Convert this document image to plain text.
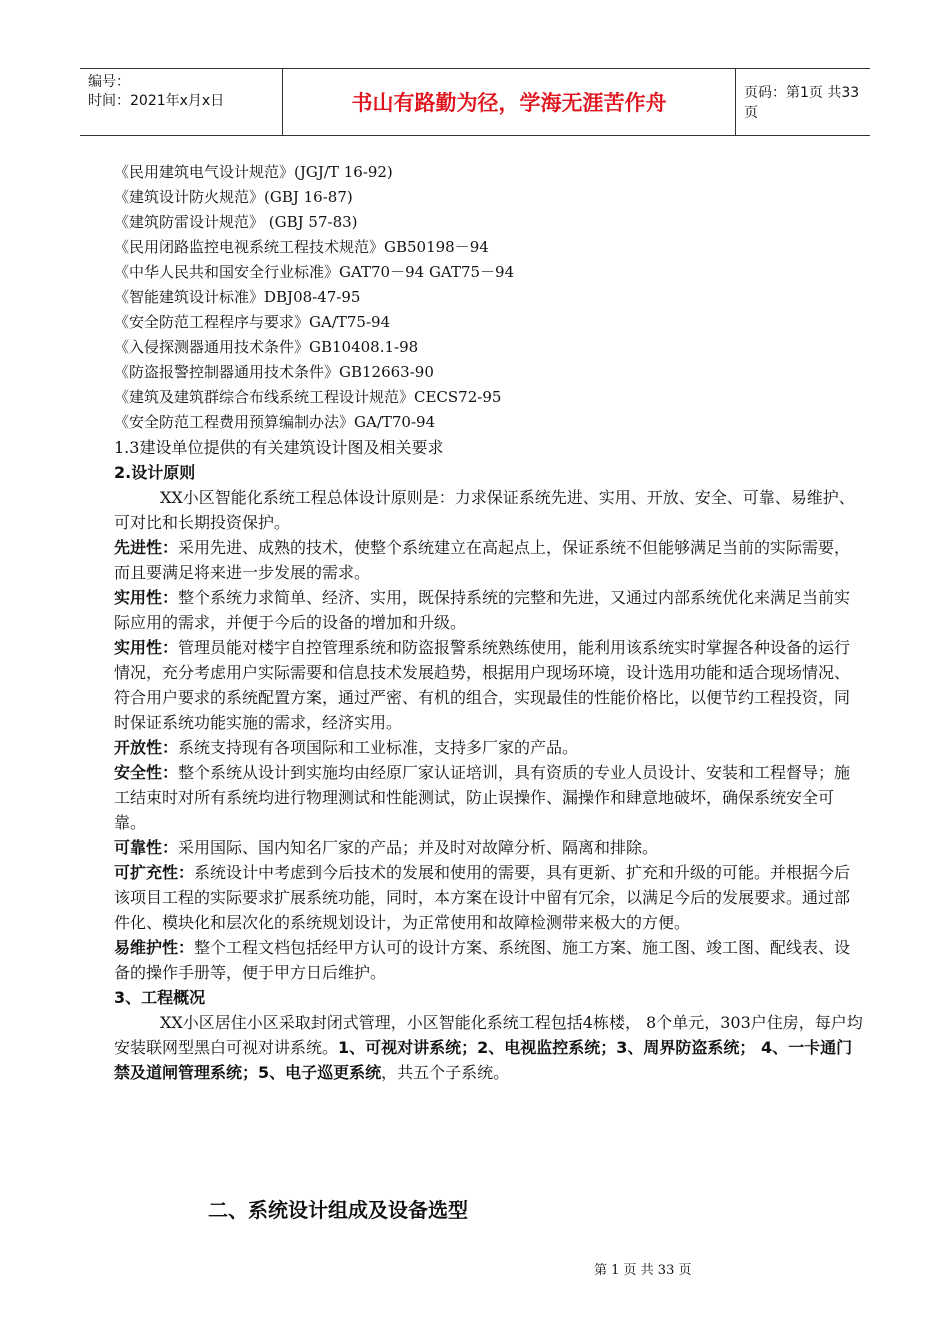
编号：
时间：2021年x月x日	书山有路勤为径，学海无涯苦作舟	页码：第1页 共33页
《民用建筑电气设计规范》(JGJ/T 16-92)
《建筑设计防火规范》(GBJ 16-87)
《建筑防雷设计规范》 (GBJ 57-83)
《民用闭路监控电视系统工程技术规范》GB50198－94
《中华人民共和国安全行业标准》GAT70－94 GAT75－94
《智能建筑设计标准》DBJ08-47-95
《安全防范工程程序与要求》GA/T75-94
《入侵探测器通用技术条件》GB10408.1-98
《防盗报警控制器通用技术条件》GB12663-90
《建筑及建筑群综合布线系统工程设计规范》CECS72-95
《安全防范工程费用预算编制办法》GA/T70-94
1.3建设单位提供的有关建筑设计图及相关要求
2.设计原则

XX小区智能化系统工程总体设计原则是：力求保证系统先进、实用、开放、安全、可靠、易维护、可对比和长期投资保护。

先进性：采用先进、成熟的技术，使整个系统建立在高起点上，保证系统不但能够满足当前的实际需要，而且要满足将来进一步发展的需求。

实用性：整个系统力求简单、经济、实用，既保持系统的完整和先进，又通过内部系统优化来满足当前实际应用的需求，并便于今后的设备的增加和升级。

实用性：管理员能对楼宇自控管理系统和防盗报警系统熟练使用，能利用该系统实时掌握各种设备的运行情况，充分考虑用户实际需要和信息技术发展趋势，根据用户现场环境，设计选用功能和适合现场情况、符合用户要求的系统配置方案，通过严密、有机的组合，实现最佳的性能价格比，以便节约工程投资，同时保证系统功能实施的需求，经济实用。

开放性：系统支持现有各项国际和工业标准，支持多厂家的产品。

安全性：整个系统从设计到实施均由经原厂家认证培训，具有资质的专业人员设计、安装和工程督导；施工结束时对所有系统均进行物理测试和性能测试，防止误操作、漏操作和肆意地破坏，确保系统安全可靠。

可靠性：采用国际、国内知名厂家的产品；并及时对故障分析、隔离和排除。

可扩充性：系统设计中考虑到今后技术的发展和使用的需要，具有更新、扩充和升级的可能。并根据今后该项目工程的实际要求扩展系统功能，同时，本方案在设计中留有冗余，以满足今后的发展要求。通过部件化、模块化和层次化的系统规划设计，为正常使用和故障检测带来极大的方便。

易维护性：整个工程文档包括经甲方认可的设计方案、系统图、施工方案、施工图、竣工图、配线表、设备的操作手册等，便于甲方日后维护。

3、工程概况

XX小区居住小区采取封闭式管理，小区智能化系统工程包括4栋楼， 8个单元，303户住房，每户均安装联网型黑白可视对讲系统。1、可视对讲系统；2、电视监控系统；3、周界防盗系统； 4、一卡通门禁及道闸管理系统；5、电子巡更系统，共五个子系统。

二、系统设计组成及设备选型
第 1 页 共 33 页
